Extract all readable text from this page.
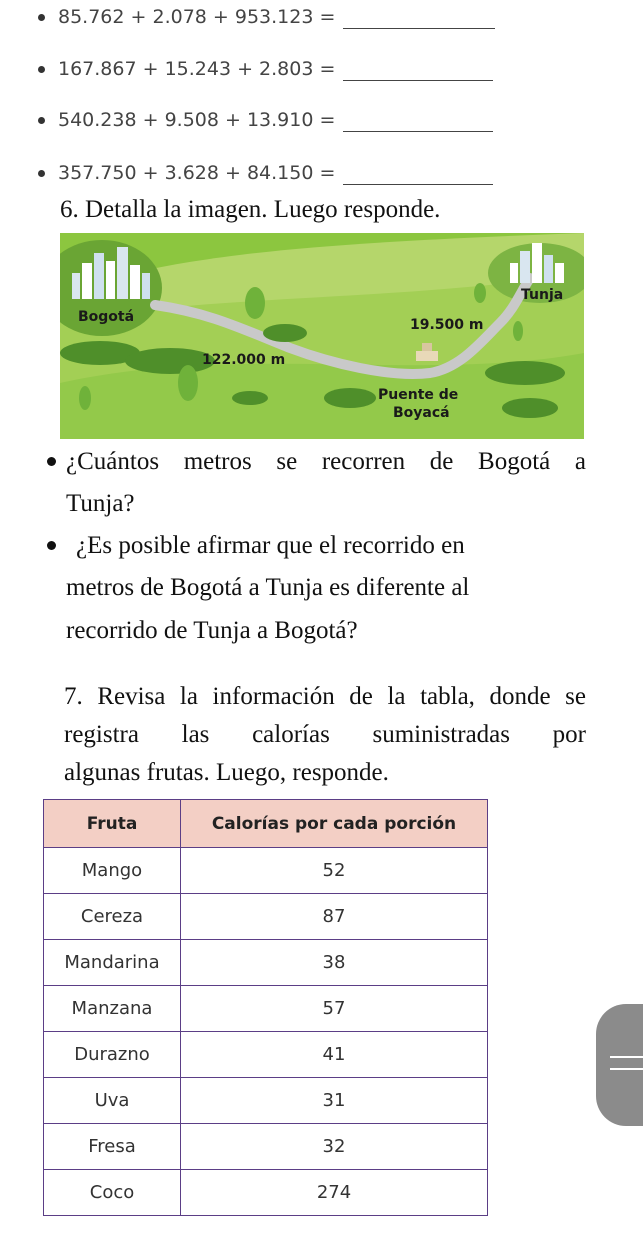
85.762 + 2.078 + 953.123 =
167.867 + 15.243 + 2.803 =
540.238 + 9.508 + 13.910 =
357.750 + 3.628 + 84.150 =
6. Detalla la imagen. Luego responde.
Bogotá
Tunja
122.000 m
19.500 m
Puente de
Boyacá
¿Cuántos metros se recorren de Bogotá a
Tunja?
¿Es posible afirmar que el recorrido en
metros de Bogotá a Tunja es diferente al
recorrido de Tunja a Bogotá?
7. Revisa la información de la tabla, donde se
registra las calorías suministradas por
algunas frutas. Luego, responde.
Fruta	Calorías por cada porción
Mango	52
Cereza	87
Mandarina	38
Manzana	57
Durazno	41
Uva	31
Fresa	32
Coco	274
